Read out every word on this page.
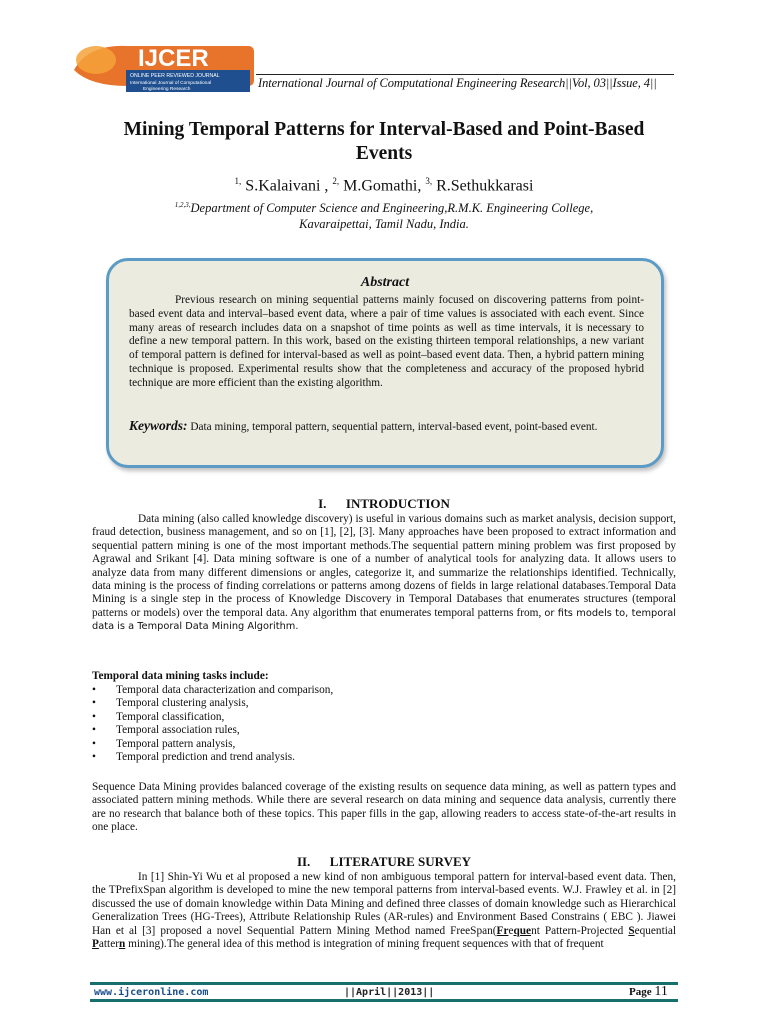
IJCER
ONLINE PEER REVIEWED JOURNAL
International Journal of Computational
Engineering Research	International Journal of Computational Engineering Research||Vol, 03||Issue, 4||
Mining Temporal Patterns for Interval-Based and Point-Based
Events
$^{1,}$ S.Kalaivani , $^{2,}$ M.Gomathi, $^{3,}$ R.Sethukkarasi
$^{1,2,3,}$Department of Computer Science and Engineering,R.M.K. Engineering College,
Kavaraipettai, Tamil Nadu, India.
Abstract
Previous research on mining sequential patterns mainly focused on discovering patterns from point-based event data and interval–based event data, where a pair of time values is associated with each event. Since many areas of research includes data on a snapshot of time points as well as time intervals, it is necessary to define a new temporal pattern. In this work, based on the existing thirteen temporal relationships, a new variant of temporal pattern is defined for interval-based as well as point–based event data. Then, a hybrid pattern mining technique is proposed. Experimental results show that the completeness and accuracy of the proposed hybrid technique are more efficient than the existing algorithm.
Keywords: Data mining, temporal pattern, sequential pattern, interval-based event, point-based event.
I.      INTRODUCTION
Data mining (also called knowledge discovery) is useful in various domains such as market analysis, decision support, fraud detection, business management, and so on [1], [2], [3]. Many approaches have been proposed to extract information and sequential pattern mining is one of the most important methods.The sequential pattern mining problem was first proposed by Agrawal and Srikant [4]. Data mining software is one of a number of analytical tools for analyzing data. It allows users to analyze data from many different dimensions or angles, categorize it, and summarize the relationships identified. Technically, data mining is the process of finding correlations or patterns among dozens of fields in large relational databases.Temporal Data Mining is a single step in the process of Knowledge Discovery in Temporal Databases that enumerates structures (temporal patterns or models) over the temporal data. Any algorithm that enumerates temporal patterns from, or fits models to, temporal data is a Temporal Data Mining Algorithm.
Temporal data mining tasks include:
• Temporal data characterization and comparison,
• Temporal clustering analysis,
• Temporal classification,
• Temporal association rules,
• Temporal pattern analysis,
• Temporal prediction and trend analysis.
Sequence Data Mining provides balanced coverage of the existing results on sequence data mining, as well as pattern types and associated pattern mining methods. While there are several research on data mining and sequence data analysis, currently there are no research that balance both of these topics. This paper fills in the gap, allowing readers to access state-of-the-art results in one place.
II.      LITERATURE SURVEY
In [1] Shin-Yi Wu et al proposed a new kind of non ambiguous temporal pattern for interval-based event data. Then, the TPrefixSpan algorithm is developed to mine the new temporal patterns from interval-based events. W.J. Frawley et al. in [2] discussed the use of domain knowledge within Data Mining and defined three classes of domain knowledge such as Hierarchical Generalization Trees (HG-Trees), Attribute Relationship Rules (AR-rules) and Environment Based Constrains ( EBC ). Jiawei Han et al [3] proposed a novel Sequential Pattern Mining Method named FreeSpan(Frequent Pattern-Projected Sequential Pattern mining).The general idea of this method is integration of mining frequent sequences with that of frequent
www.ijceronline.com	||April||2013||	Page 11
